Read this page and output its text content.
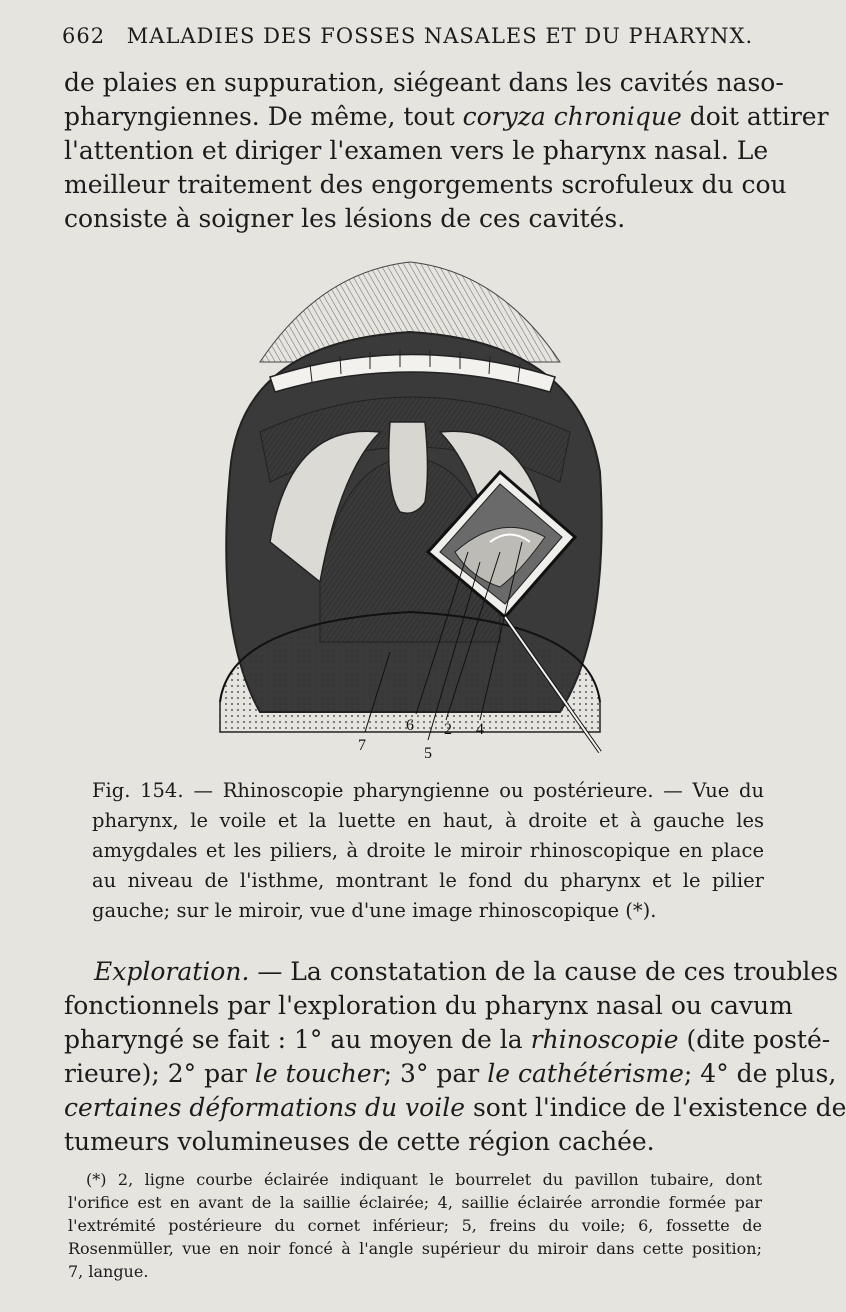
662 MALADIES DES FOSSES NASALES ET DU PHARYNX.
de plaies en suppuration, siégeant dans les cavités naso-
pharyngiennes. De même, tout coryza chronique doit attirer
l'attention et diriger l'examen vers le pharynx nasal. Le
meilleur traitement des engorgements scrofuleux du cou
consiste à soigner les lésions de ces cavités.
7
6
5
2 4
Fig. 154. — Rhinoscopie pharyngienne ou postérieure. — Vue du
pharynx, le voile et la luette en haut, à droite et à gauche les
amygdales et les piliers, à droite le miroir rhinoscopique en place
au niveau de l'isthme, montrant le fond du pharynx et le pilier
gauche; sur le miroir, vue d'une image rhinoscopique (*).
Exploration. — La constatation de la cause de ces troubles
fonctionnels par l'exploration du pharynx nasal ou cavum
pharyngé se fait : 1° au moyen de la rhinoscopie (dite posté-
rieure); 2° par le toucher; 3° par le cathétérisme; 4° de plus,
certaines déformations du voile sont l'indice de l'existence de
tumeurs volumineuses de cette région cachée.
(*) 2, ligne courbe éclairée indiquant le bourrelet du pavillon tubaire, dont
l'orifice est en avant de la saillie éclairée; 4, saillie éclairée arrondie formée par
l'extrémité postérieure du cornet inférieur; 5, freins du voile; 6, fossette de
Rosenmüller, vue en noir foncé à l'angle supérieur du miroir dans cette position;
7, langue.
